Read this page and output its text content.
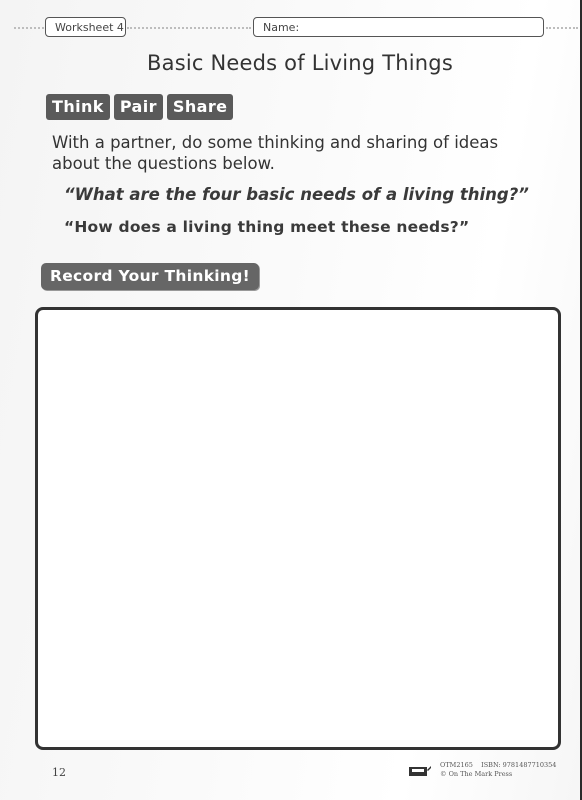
Worksheet 4	Name:
Basic Needs of Living Things
Think	Pair	Share
With a partner, do some thinking and sharing of ideas about the questions below.
“What are the four basic needs of a living thing?”
“How does a living thing meet these needs?”
Record Your Thinking!
12
OTM2165 ISBN: 9781487710354
© On The Mark Press
